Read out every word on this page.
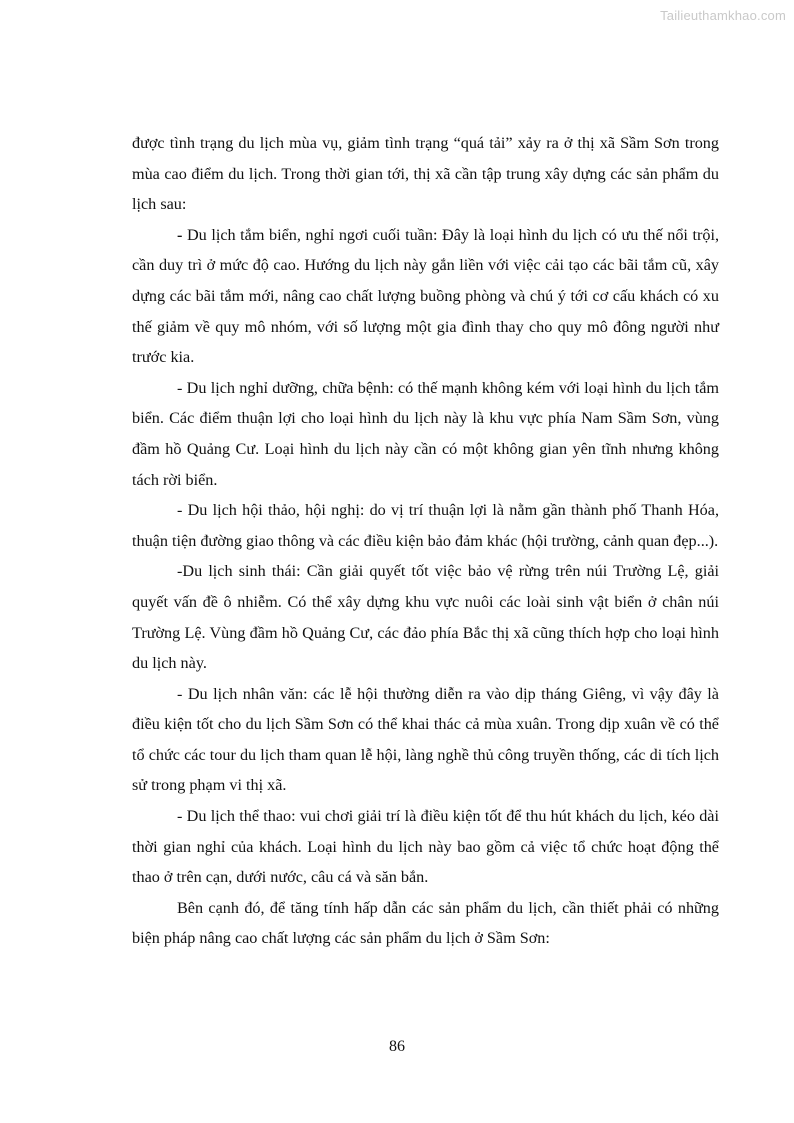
Tailieuthamkhao.com

được tình trạng du lịch mùa vụ, giảm tình trạng “quá tải” xảy ra ở thị xã Sầm Sơn trong mùa cao điểm du lịch. Trong thời gian tới, thị xã cần tập trung xây dựng các sản phẩm du lịch sau:

- Du lịch tắm biển, nghỉ ngơi cuối tuần: Đây là loại hình du lịch có ưu thế nổi trội, cần duy trì ở mức độ cao. Hướng du lịch này gắn liền với việc cải tạo các bãi tắm cũ, xây dựng các bãi tắm mới, nâng cao chất lượng buồng phòng và chú ý tới cơ cấu khách có xu thế giảm về quy mô nhóm, với số lượng một gia đình thay cho quy mô đông người như trước kia.

- Du lịch nghỉ dưỡng, chữa bệnh: có thế mạnh không kém với loại hình du lịch tắm biển. Các điểm thuận lợi cho loại hình du lịch này là khu vực phía Nam Sầm Sơn, vùng đầm hồ Quảng Cư. Loại hình du lịch này cần có một không gian yên tĩnh nhưng không tách rời biển.

- Du lịch hội thảo, hội nghị: do vị trí thuận lợi là nằm gần thành phố Thanh Hóa, thuận tiện đường giao thông và các điều kiện bảo đảm khác (hội trường, cảnh quan đẹp...).

-Du lịch sinh thái: Cần giải quyết tốt việc bảo vệ rừng trên núi Trường Lệ, giải quyết vấn đề ô nhiễm. Có thể xây dựng khu vực nuôi các loài sinh vật biển ở chân núi Trường Lệ. Vùng đầm hồ Quảng Cư, các đảo phía Bắc thị xã cũng thích hợp cho loại hình du lịch này.

- Du lịch nhân văn: các lễ hội thường diễn ra vào dịp tháng Giêng, vì vậy đây là điều kiện tốt cho du lịch Sầm Sơn có thể khai thác cả mùa xuân. Trong dịp xuân về có thể tổ chức các tour du lịch tham quan lễ hội, làng nghề thủ công truyền thống, các di tích lịch sử trong phạm vi thị xã.

- Du lịch thể thao: vui chơi giải trí là điều kiện tốt để thu hút khách du lịch, kéo dài thời gian nghỉ của khách. Loại hình du lịch này bao gồm cả việc tổ chức hoạt động thể thao ở trên cạn, dưới nước, câu cá và săn bắn.

Bên cạnh đó, để tăng tính hấp dẫn các sản phẩm du lịch, cần thiết phải có những biện pháp nâng cao chất lượng các sản phẩm du lịch ở Sầm Sơn:

86
